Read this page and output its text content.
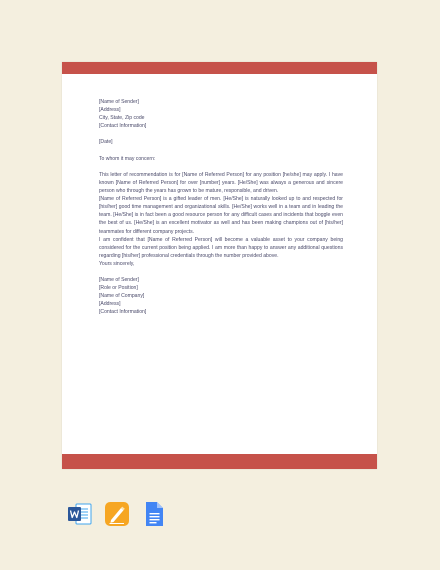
[Name of Sender]
[Address]
City, State, Zip code
[Contact Information]
[Date]
To whom it may concern:

This letter of recommendation is for [Name of Referred Person] for any position [he/she] may apply. I have known [Name of Referred Person] for over [number] years. [He/She] was always a generous and sincere person who through the years has grown to be mature, responsible, and driven.

[Name of Referred Person] is a gifted leader of men. [He/She] is naturally looked up to and respected for [his/her] good time management and organizational skills. [He/She] works well in a team and in leading the team. [He/She] is in fact been a good resource person for any difficult cases and incidents that boggle even the best of us. [He/She] is an excellent motivator as well and has been making champions out of [his/her] teammates for different company projects.

I am confident that [Name of Referred Person] will become a valuable asset to your company being considered for the current position being applied. I am more than happy to answer any additional questions regarding [his/her] professional credentials through the number provided above.

Yours sincerely,
[Name of Sender]
[Role or Position]
[Name of Company]
[Address]
[Contact Information]
